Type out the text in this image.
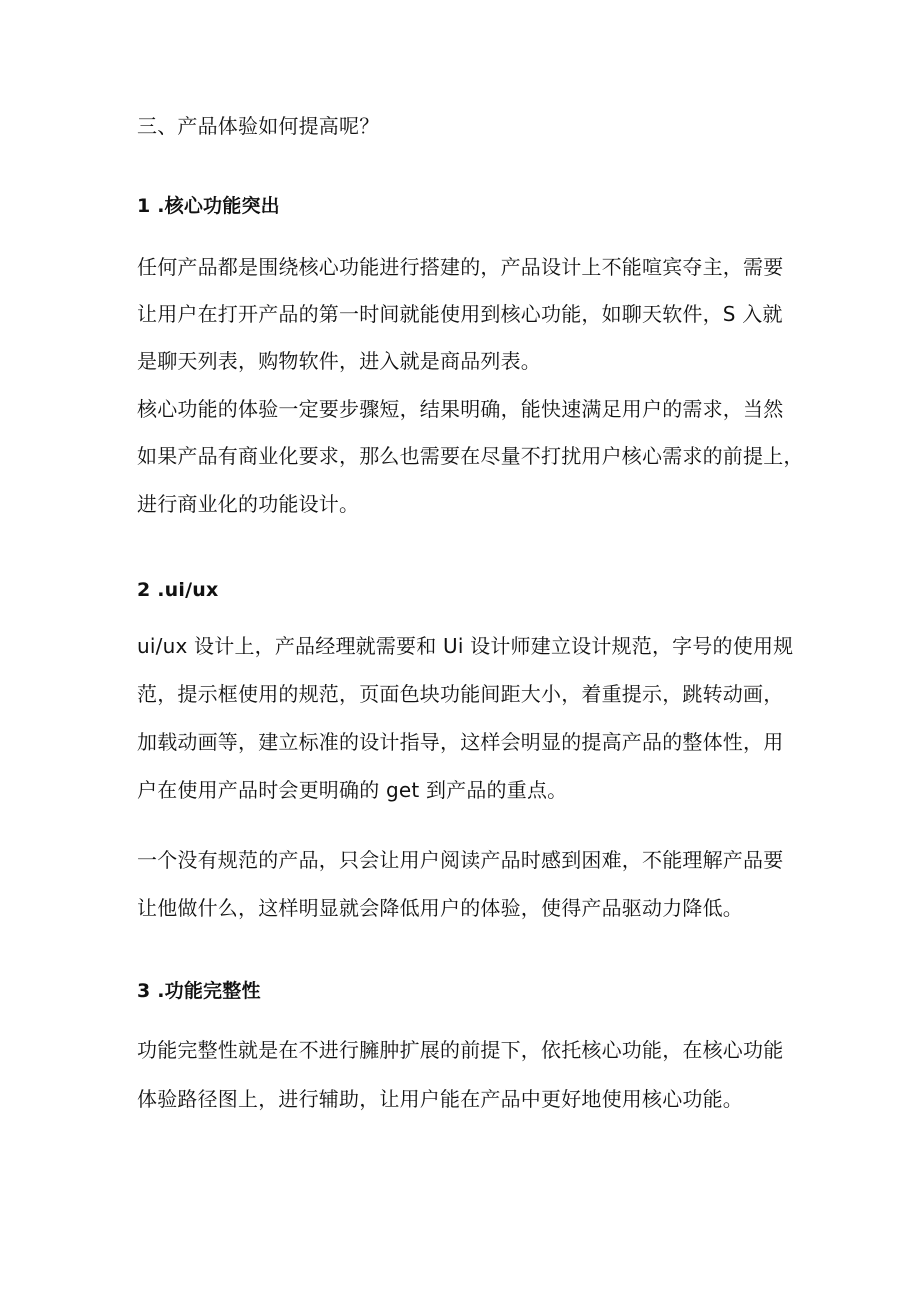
三、产品体验如何提高呢？
1 .核心功能突出
任何产品都是围绕核心功能进行搭建的，产品设计上不能喧宾夺主，需要
让用户在打开产品的第一时间就能使用到核心功能，如聊天软件，S 入就
是聊天列表，购物软件，进入就是商品列表。
核心功能的体验一定要步骤短，结果明确，能快速满足用户的需求，当然
如果产品有商业化要求，那么也需要在尽量不打扰用户核心需求的前提上，
进行商业化的功能设计。
2 .ui/ux
ui/ux 设计上，产品经理就需要和 Ui 设计师建立设计规范，字号的使用规
范，提示框使用的规范，页面色块功能间距大小，着重提示，跳转动画，
加载动画等，建立标准的设计指导，这样会明显的提高产品的整体性，用
户在使用产品时会更明确的 get 到产品的重点。
一个没有规范的产品，只会让用户阅读产品时感到困难，不能理解产品要
让他做什么，这样明显就会降低用户的体验，使得产品驱动力降低。
3 .功能完整性
功能完整性就是在不进行臃肿扩展的前提下，依托核心功能，在核心功能
体验路径图上，进行辅助，让用户能在产品中更好地使用核心功能。
